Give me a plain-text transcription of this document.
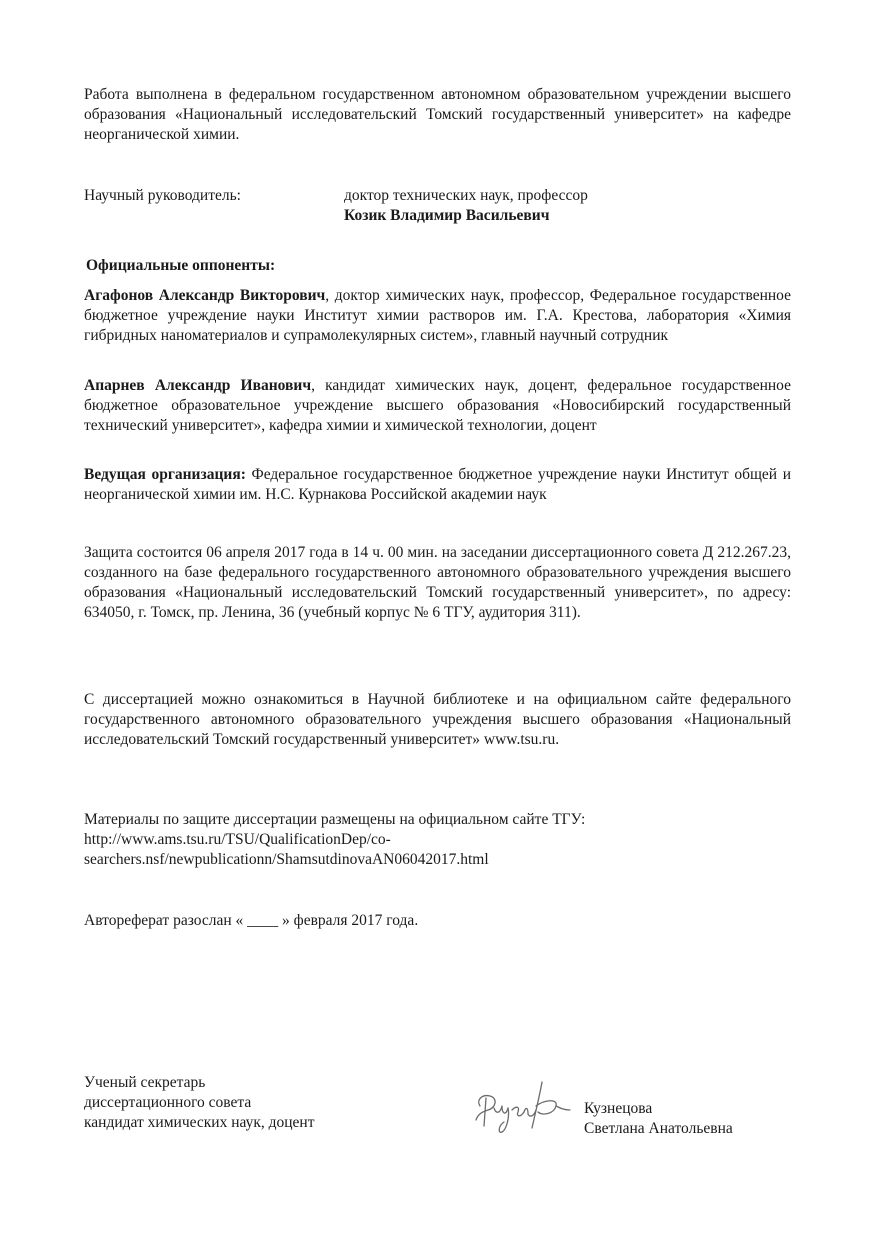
Работа выполнена в федеральном государственном автономном образовательном учреждении высшего образования «Национальный исследовательский Томский государственный университет» на кафедре неорганической химии.
Научный руководитель:	доктор технических наук, профессор
Козик Владимир Васильевич
Официальные оппоненты:
Агафонов Александр Викторович, доктор химических наук, профессор, Федеральное государственное бюджетное учреждение науки Институт химии растворов им. Г.А. Крестова, лаборатория «Химия гибридных наноматериалов и супрамолекулярных систем», главный научный сотрудник
Апарнев Александр Иванович, кандидат химических наук, доцент, федеральное государственное бюджетное образовательное учреждение высшего образования «Новосибирский государственный технический университет», кафедра химии и химической технологии, доцент
Ведущая организация: Федеральное государственное бюджетное учреждение науки Институт общей и неорганической химии им. Н.С. Курнакова Российской академии наук
Защита состоится 06 апреля 2017 года в 14 ч. 00 мин. на заседании диссертационного совета Д 212.267.23, созданного на базе федерального государственного автономного образовательного учреждения высшего образования «Национальный исследовательский Томский государственный университет», по адресу: 634050, г. Томск, пр. Ленина, 36 (учебный корпус № 6 ТГУ, аудитория 311).
С диссертацией можно ознакомиться в Научной библиотеке и на официальном сайте федерального государственного автономного образовательного учреждения высшего образования «Национальный исследовательский Томский государственный университет» www.tsu.ru.
Материалы по защите диссертации размещены на официальном сайте ТГУ:
http://www.ams.tsu.ru/TSU/QualificationDep/co-
searchers.nsf/newpublicationn/ShamsutdinovaAN06042017.html
Автореферат разослан « ____ » февраля 2017 года.
Ученый секретарь
диссертационного совета
кандидат химических наук, доцент
Кузнецова
Светлана Анатольевна
